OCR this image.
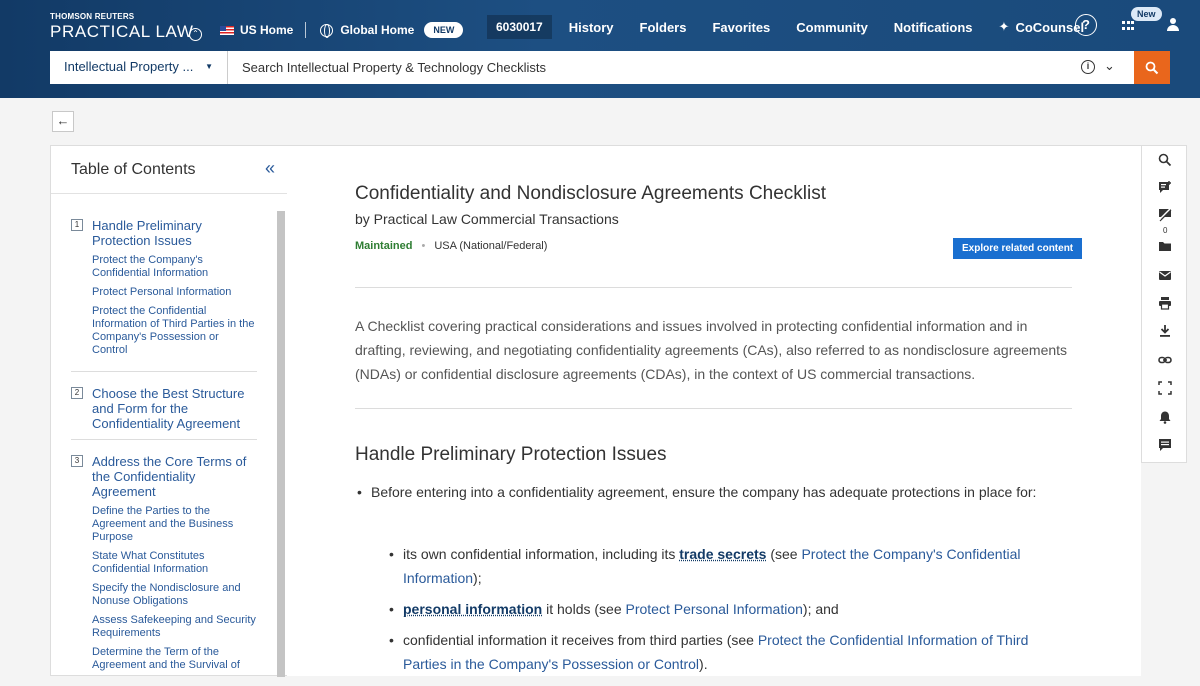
THOMSON REUTERS
PRACTICAL LAW
⌃	US Home	Global Home	NEW	6030017	History Folders Favorites Community Notifications ✦ CoCounsel
?
New
Intellectual Property ... ▼
Search Intellectual Property & Technology Checklists	i	⌄
←
Table of Contents	«
1 Handle Preliminary Protection Issues
Protect the Company's Confidential Information
Protect Personal Information
Protect the Confidential Information of Third Parties in the Company's Possession or Control
2 Choose the Best Structure and Form for the Confidentiality Agreement
3 Address the Core Terms of the Confidentiality Agreement
Define the Parties to the Agreement and the Business Purpose
State What Constitutes Confidential Information
Specify the Nondisclosure and Nonuse Obligations
Assess Safekeeping and Security Requirements
Determine the Term of the Agreement and the Survival of
Confidentiality and Nondisclosure Agreements Checklist
by Practical Law Commercial Transactions
Maintained • USA (National/Federal)	Explore related content

A Checklist covering practical considerations and issues involved in protecting confidential information and in drafting, reviewing, and negotiating confidentiality agreements (CAs), also referred to as nondisclosure agreements (NDAs) or confidential disclosure agreements (CDAs), in the context of US commercial transactions.

Handle Preliminary Protection Issues
• Before entering into a confidentiality agreement, ensure the company has adequate protections in place for:
• its own confidential information, including its trade secrets (see Protect the Company's Confidential Information);
• personal information it holds (see Protect Personal Information); and
• confidential information it receives from third parties (see Protect the Confidential Information of Third Parties in the Company's Possession or Control).
0
